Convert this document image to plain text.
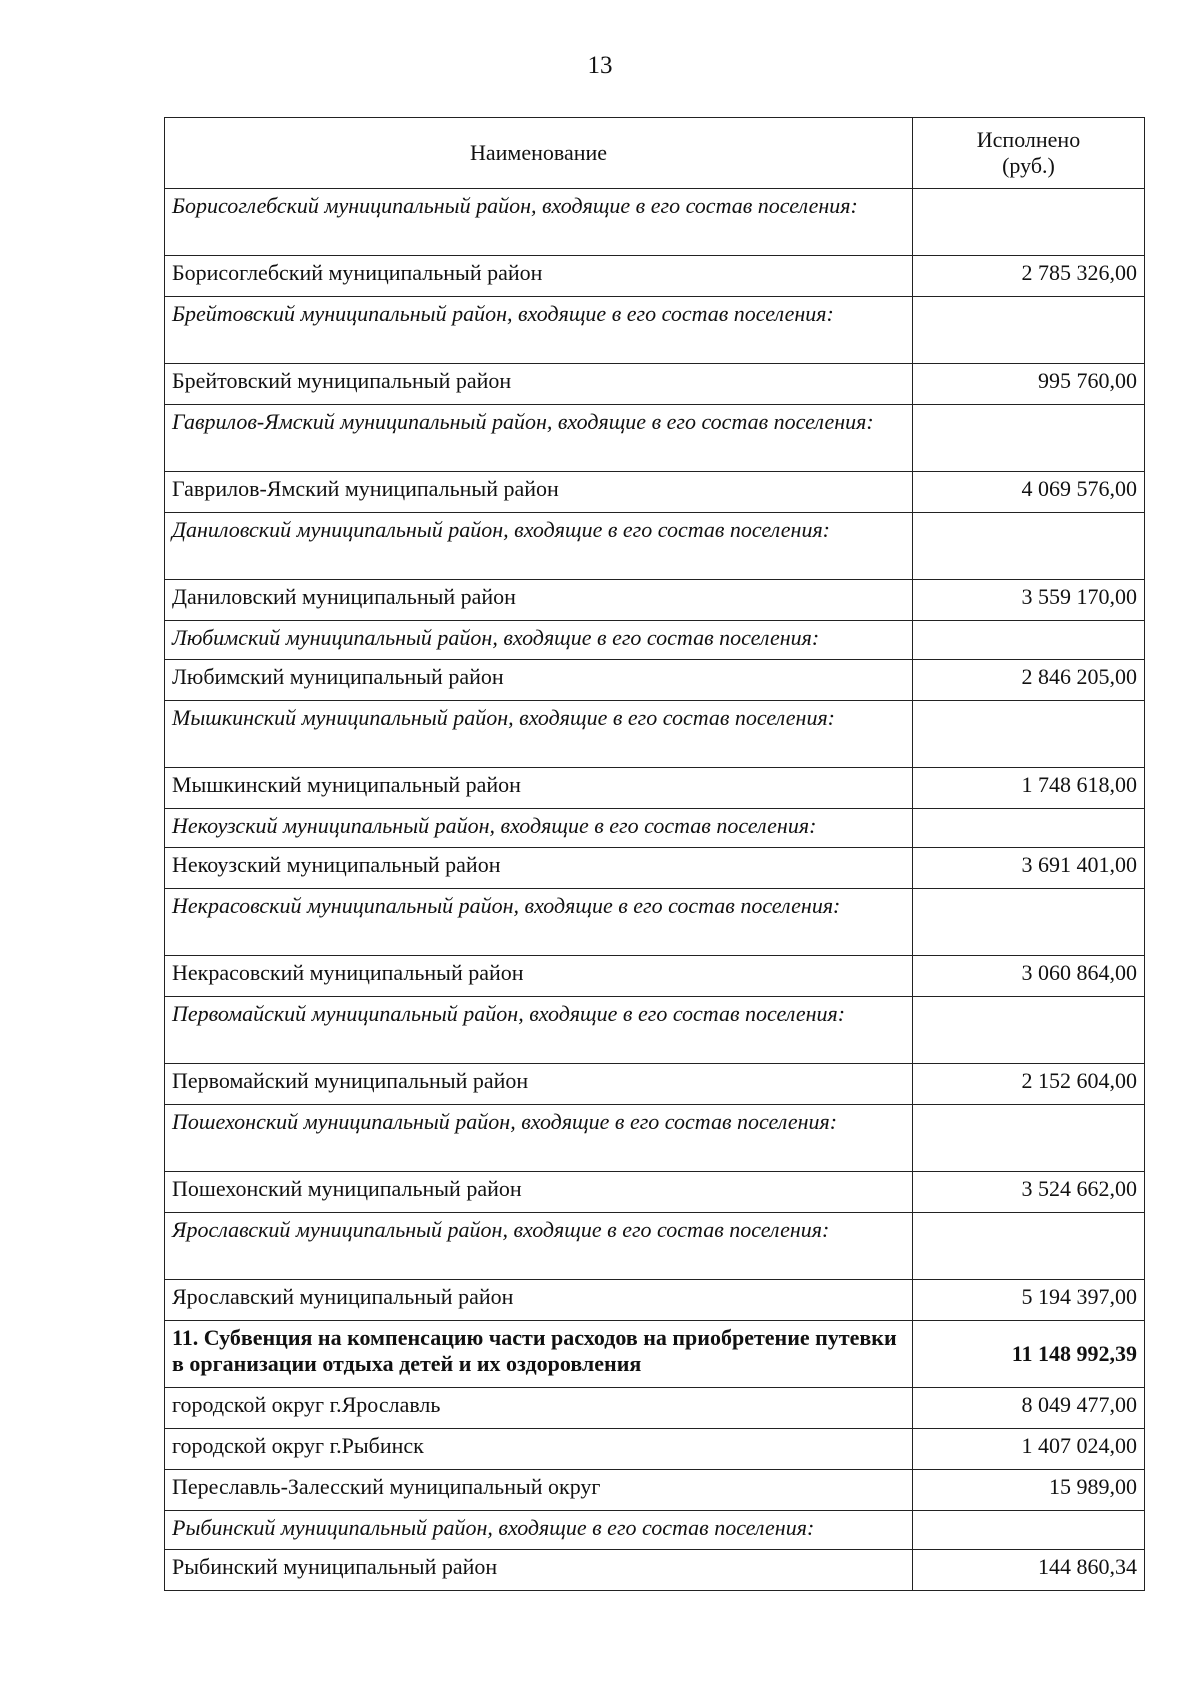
13
Наименование	Исполнено
(руб.)
Борисоглебский муниципальный район, входящие в его состав поселения:	
Борисоглебский муниципальный район	2 785 326,00
Брейтовский муниципальный район, входящие в его состав поселения:	
Брейтовский муниципальный район	995 760,00
Гаврилов-Ямский муниципальный район, входящие в его состав поселения:	
Гаврилов-Ямский муниципальный район	4 069 576,00
Даниловский муниципальный район, входящие в его состав поселения:	
Даниловский муниципальный район	3 559 170,00
Любимский муниципальный район, входящие в его состав поселения:	
Любимский муниципальный район	2 846 205,00
Мышкинский муниципальный район, входящие в его состав поселения:	
Мышкинский муниципальный район	1 748 618,00
Некоузский муниципальный район, входящие в его состав поселения:	
Некоузский муниципальный район	3 691 401,00
Некрасовский муниципальный район, входящие в его состав поселения:	
Некрасовский муниципальный район	3 060 864,00
Первомайский муниципальный район, входящие в его состав поселения:	
Первомайский муниципальный район	2 152 604,00
Пошехонский муниципальный район, входящие в его состав поселения:	
Пошехонский муниципальный район	3 524 662,00
Ярославский муниципальный район, входящие в его состав поселения:	
Ярославский муниципальный район	5 194 397,00
11. Субвенция на компенсацию части расходов на приобретение путевки в организации отдыха детей и их оздоровления	11 148 992,39
городской округ г.Ярославль	8 049 477,00
городской округ г.Рыбинск	1 407 024,00
Переславль-Залесский муниципальный округ	15 989,00
Рыбинский муниципальный район, входящие в его состав поселения:	
Рыбинский муниципальный район	144 860,34
